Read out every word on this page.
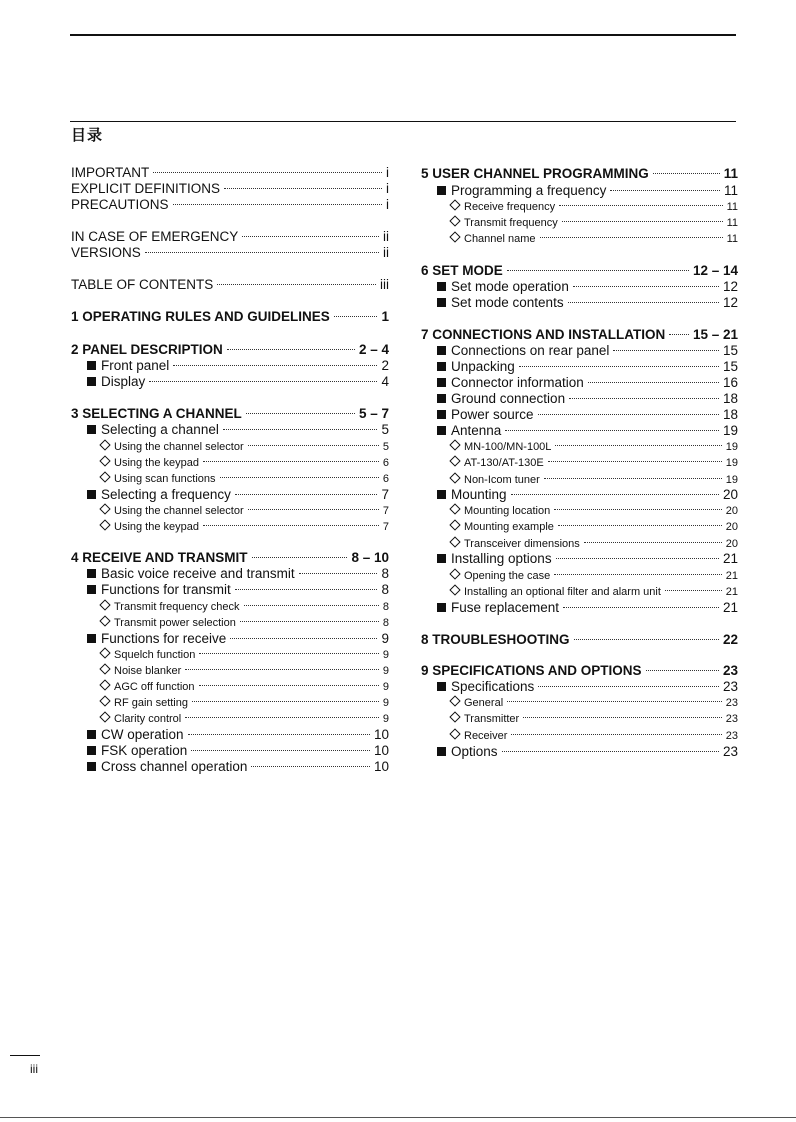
目录
IMPORTANT	i
EXPLICIT DEFINITIONS	i
PRECAUTIONS	i
IN CASE OF EMERGENCY	ii
VERSIONS	ii
TABLE OF CONTENTS	iii
1 OPERATING RULES AND GUIDELINES	1
2 PANEL DESCRIPTION	2 – 4
Front panel	2
Display	4
3 SELECTING A CHANNEL	5 – 7
Selecting a channel	5
Using the channel selector	5
Using the keypad	6
Using scan functions	6
Selecting a frequency	7
Using the channel selector	7
Using the keypad	7
4 RECEIVE AND TRANSMIT	8 – 10
Basic voice receive and transmit	8
Functions for transmit	8
Transmit frequency check	8
Transmit power selection	8
Functions for receive	9
Squelch function	9
Noise blanker	9
AGC off function	9
RF gain setting	9
Clarity control	9
CW operation	10
FSK operation	10
Cross channel operation	10
5 USER CHANNEL PROGRAMMING	11
Programming a frequency	11
Receive frequency	11
Transmit frequency	11
Channel name	11
6 SET MODE	12 – 14
Set mode operation	12
Set mode contents	12
7 CONNECTIONS AND INSTALLATION 15 – 21
Connections on rear panel	15
Unpacking	15
Connector information	16
Ground connection	18
Power source	18
Antenna	19
MN-100/MN-100L	19
AT-130/AT-130E	19
Non-Icom tuner	19
Mounting	20
Mounting location	20
Mounting example	20
Transceiver dimensions	20
Installing options	21
Opening the case	21
Installing an optional filter and alarm unit	21
Fuse replacement	21
8 TROUBLESHOOTING	22
9 SPECIFICATIONS AND OPTIONS	23
Specifications	23
General	23
Transmitter	23
Receiver	23
Options	23
iii
